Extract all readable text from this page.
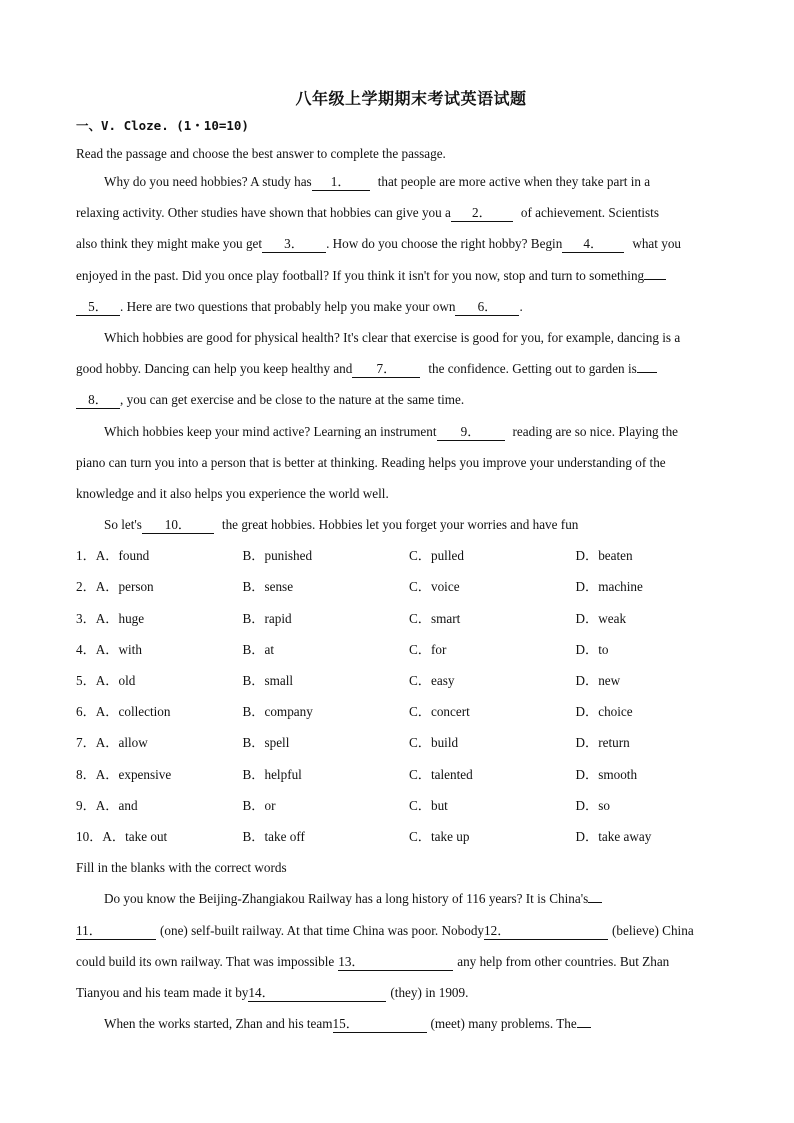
八年级上学期期末考试英语试题
一、V. Cloze. (1・10=10)
Read the passage and choose the best answer to complete the passage.
Why do you need hobbies? A study has 1． that people are more active when they take part in a
relaxing activity. Other studies have shown that hobbies can give you a 2． of achievement. Scientists
also think they might make you get 3． . How do you choose the right hobby? Begin 4． what you
enjoyed in the past. Did you once play football? If you think it isn't for you now, stop and turn to something
5． . Here are two questions that probably help you make your own 6． .
Which hobbies are good for physical health? It's clear that exercise is good for you, for example, dancing is a
good hobby. Dancing can help you keep healthy and 7． the confidence. Getting out to garden is
8． , you can get exercise and be close to the nature at the same time.
Which hobbies keep your mind active? Learning an instrument 9． reading are so nice. Playing the
piano can turn you into a person that is better at thinking. Reading helps you improve your understanding of the
knowledge and it also helps you experience the world well.
So let's 10． the great hobbies. Hobbies let you forget your worries and have fun
1．A．found	B．punished	C．pulled	D．beaten
2．A．person	B．sense	C．voice	D．machine
3．A．huge	B．rapid	C．smart	D．weak
4．A．with	B．at	C．for	D．to
5．A．old	B．small	C．easy	D．new
6．A．collection	B．company	C．concert	D．choice
7．A．allow	B．spell	C．build	D．return
8．A．expensive	B．helpful	C．talented	D．smooth
9．A．and	B．or	C．but	D．so
10．A．take out	B．take off	C．take up	D．take away
Fill in the blanks with the correct words
Do you know the Beijing-Zhangiakou Railway has a long history of 116 years? It is China's
11．	(one) self-built railway. At that time China was poor. Nobody12．	(believe) China
could build its own railway. That was impossible 13．	any help from other countries. But Zhan
Tianyou and his team made it by14．	(they) in 1909.
When the works started, Zhan and his team15．	(meet) many problems. The
